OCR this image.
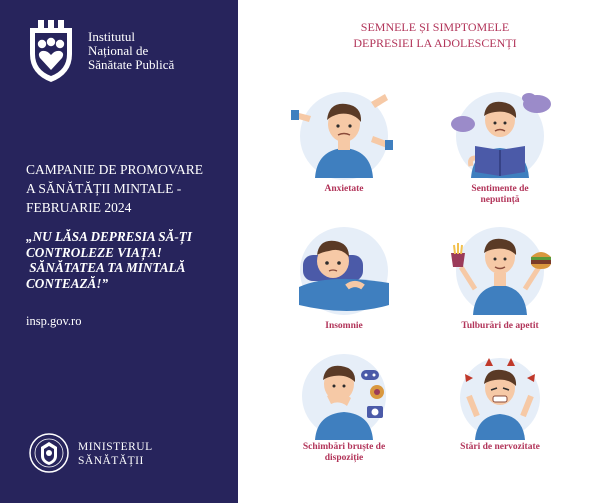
Institutul
Național de
Sănătate Publică
CAMPANIE DE PROMOVARE
A SĂNĂTĂȚII MINTALE -
FEBRUARIE 2024
„NU LĂSA DEPRESIA SĂ-ȚI
CONTROLEZE VIAȚA!
SĂNĂTATEA TA MINTALĂ
CONTEAZĂ!”
insp.gov.ro
MINISTERUL
SĂNĂTĂȚII
SEMNELE ȘI SIMPTOMELE
DEPRESIEI LA ADOLESCENȚI
Anxietate	Sentimente de
neputință
Insomnie	Tulburări de apetit
Schimbări bruște de
dispoziție
Stări de nervozitate
